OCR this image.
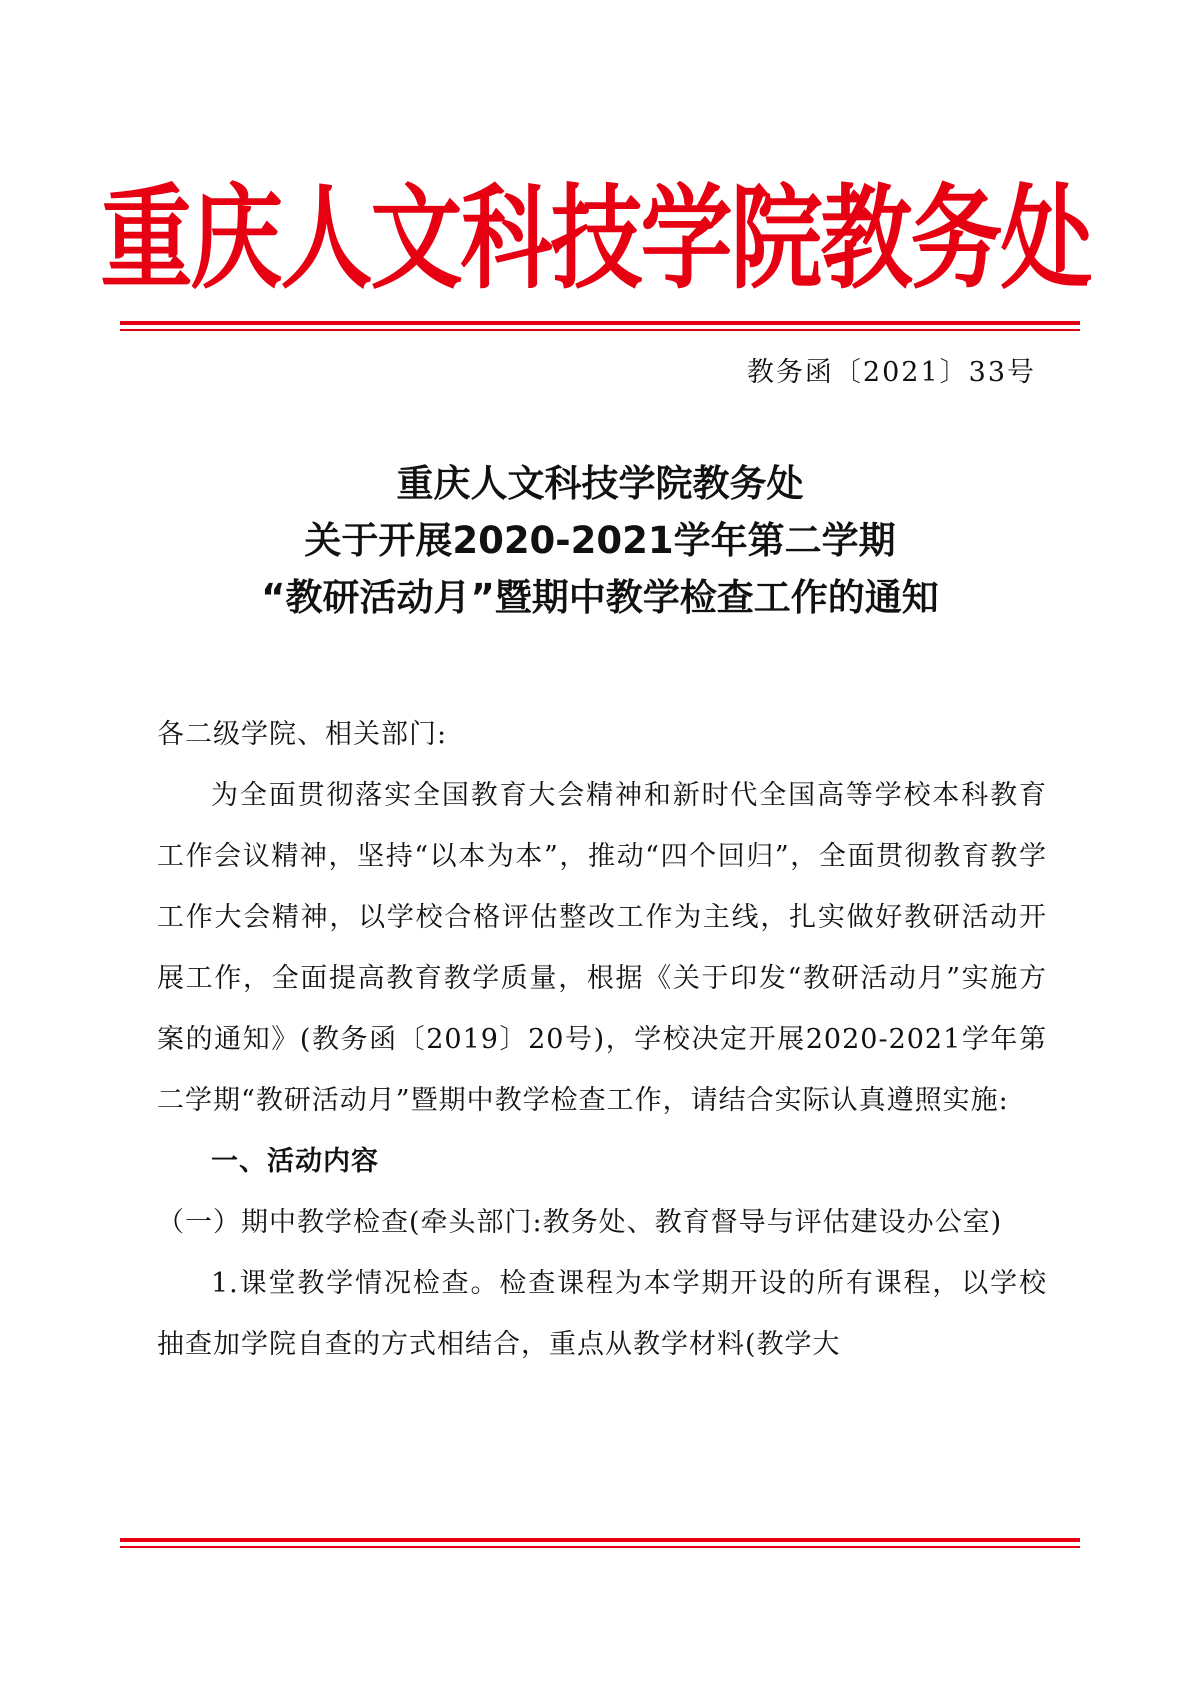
重庆人文科技学院教务处
教务函〔2021〕33号
重庆人文科技学院教务处
关于开展2020-2021学年第二学期
“教研活动月”暨期中教学检查工作的通知

各二级学院、相关部门:

为全面贯彻落实全国教育大会精神和新时代全国高等学校本科教育工作会议精神，坚持“以本为本”，推动“四个回归”，全面贯彻教育教学工作大会精神，以学校合格评估整改工作为主线，扎实做好教研活动开展工作，全面提高教育教学质量，根据《关于印发“教研活动月”实施方案的通知》(教务函〔2019〕20号)，学校决定开展2020-2021学年第二学期“教研活动月”暨期中教学检查工作，请结合实际认真遵照实施:

一、活动内容

（一）期中教学检查(牵头部门:教务处、教育督导与评估建设办公室)

1.课堂教学情况检查。检查课程为本学期开设的所有课程，以学校抽查加学院自查的方式相结合，重点从教学材料(教学大
